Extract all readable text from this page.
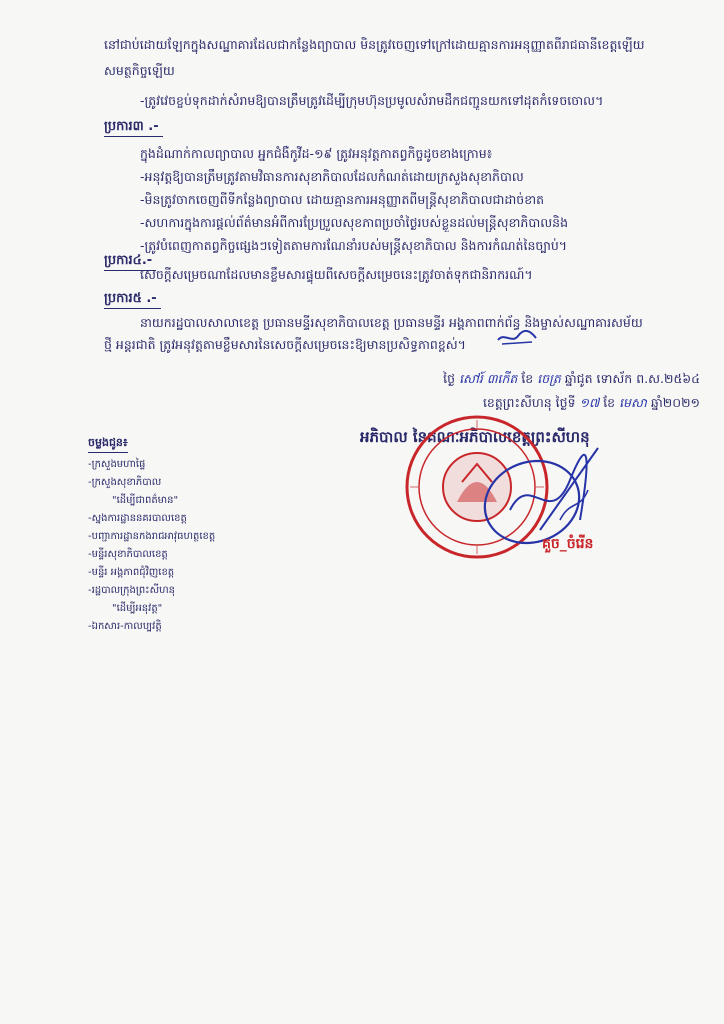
នៅជាប់ដោយឡែកក្នុងសណ្ឋាគារដែលជាកន្លែងព្យាបាល មិនត្រូវចេញទៅក្រៅដោយគ្មានការអនុញ្ញាតពីរាជធានីខេត្តឡើយ
សមត្ថកិច្ចឡើយ
-ត្រូវវេចខ្ចប់ទុកដាក់សំរាមឱ្យបានត្រឹមត្រូវដើម្បីក្រុមហ៊ុនប្រមូលសំរាមដឹកជញ្ជូនយកទៅដុតកំទេចចោល។
ប្រការ៣ .-
ក្នុងដំណាក់កាលព្យាបាល អ្នកជំងឺកូវីដ-១៩ ត្រូវអនុវត្តកាតព្វកិច្ចដូចខាងក្រោម៖
-អនុវត្តឱ្យបានត្រឹមត្រូវតាមវិធានការសុខាភិបាលដែលកំណត់ដោយក្រសួងសុខាភិបាល
-មិនត្រូវចាកចេញពីទីកន្លែងព្យាបាល ដោយគ្មានការអនុញ្ញាតពីមន្ត្រីសុខាភិបាលជាដាច់ខាត
-សហការក្នុងការផ្តល់ព័ត៌មានអំពីការប្រែប្រួលសុខភាពប្រចាំថ្ងៃរបស់ខ្លួនដល់មន្ត្រីសុខាភិបាលនិង
-ត្រូវបំពេញកាតព្វកិច្ចផ្សេងៗទៀតតាមការណែនាំរបស់មន្ត្រីសុខាភិបាល និងការកំណត់នៃច្បាប់។
ប្រការ៤.-
សេចក្តីសម្រេចណាដែលមានខ្លឹមសារផ្ទុយពីសេចក្តីសម្រេចនេះត្រូវចាត់ទុកជានិរាករណ៍។
ប្រការ៥ .-
នាយករដ្ឋបាលសាលាខេត្ត ប្រធានមន្ទីរសុខាភិបាលខេត្ត ប្រធានមន្ទីរ អង្គភាពពាក់ព័ន្ធ និងម្ចាស់សណ្ឋាគារសម័យ
ថ្មី អន្តរជាតិ ត្រូវអនុវត្តតាមខ្លឹមសារនៃសេចក្តីសម្រេចនេះឱ្យមានប្រសិទ្ធភាពខ្ពស់។
ថ្ងៃ សៅរ៍ ៣កើត ខែ ចេត្រ ឆ្នាំជូត ទោស័ក ព.ស.២៥៦៤
ខេត្តព្រះសីហនុ ថ្ងៃទី ១៧ ខែ មេសា ឆ្នាំ២០២១
អភិបាល នៃគណៈអភិបាលខេត្តព្រះសីហនុ
គួច_ចំរើន
ចម្លងជូន៖
-ក្រសួងមហាផ្ទៃ
-ក្រសួងសុខាភិបាល
"ដើម្បីជាពត៌មាន"
-ស្នងការដ្ឋាននគរបាលខេត្ត
-បញ្ជាការដ្ឋានកងរាជអាវុធហត្ថខេត្ត
-មន្ទីរសុខាភិបាលខេត្ត
-មន្ទីរ អង្គភាពជុំវិញខេត្ត
-រដ្ឋបាលក្រុងព្រះសីហនុ
"ដើម្បីអនុវត្ត"
-ឯកសារ-កាលប្បវត្តិ
